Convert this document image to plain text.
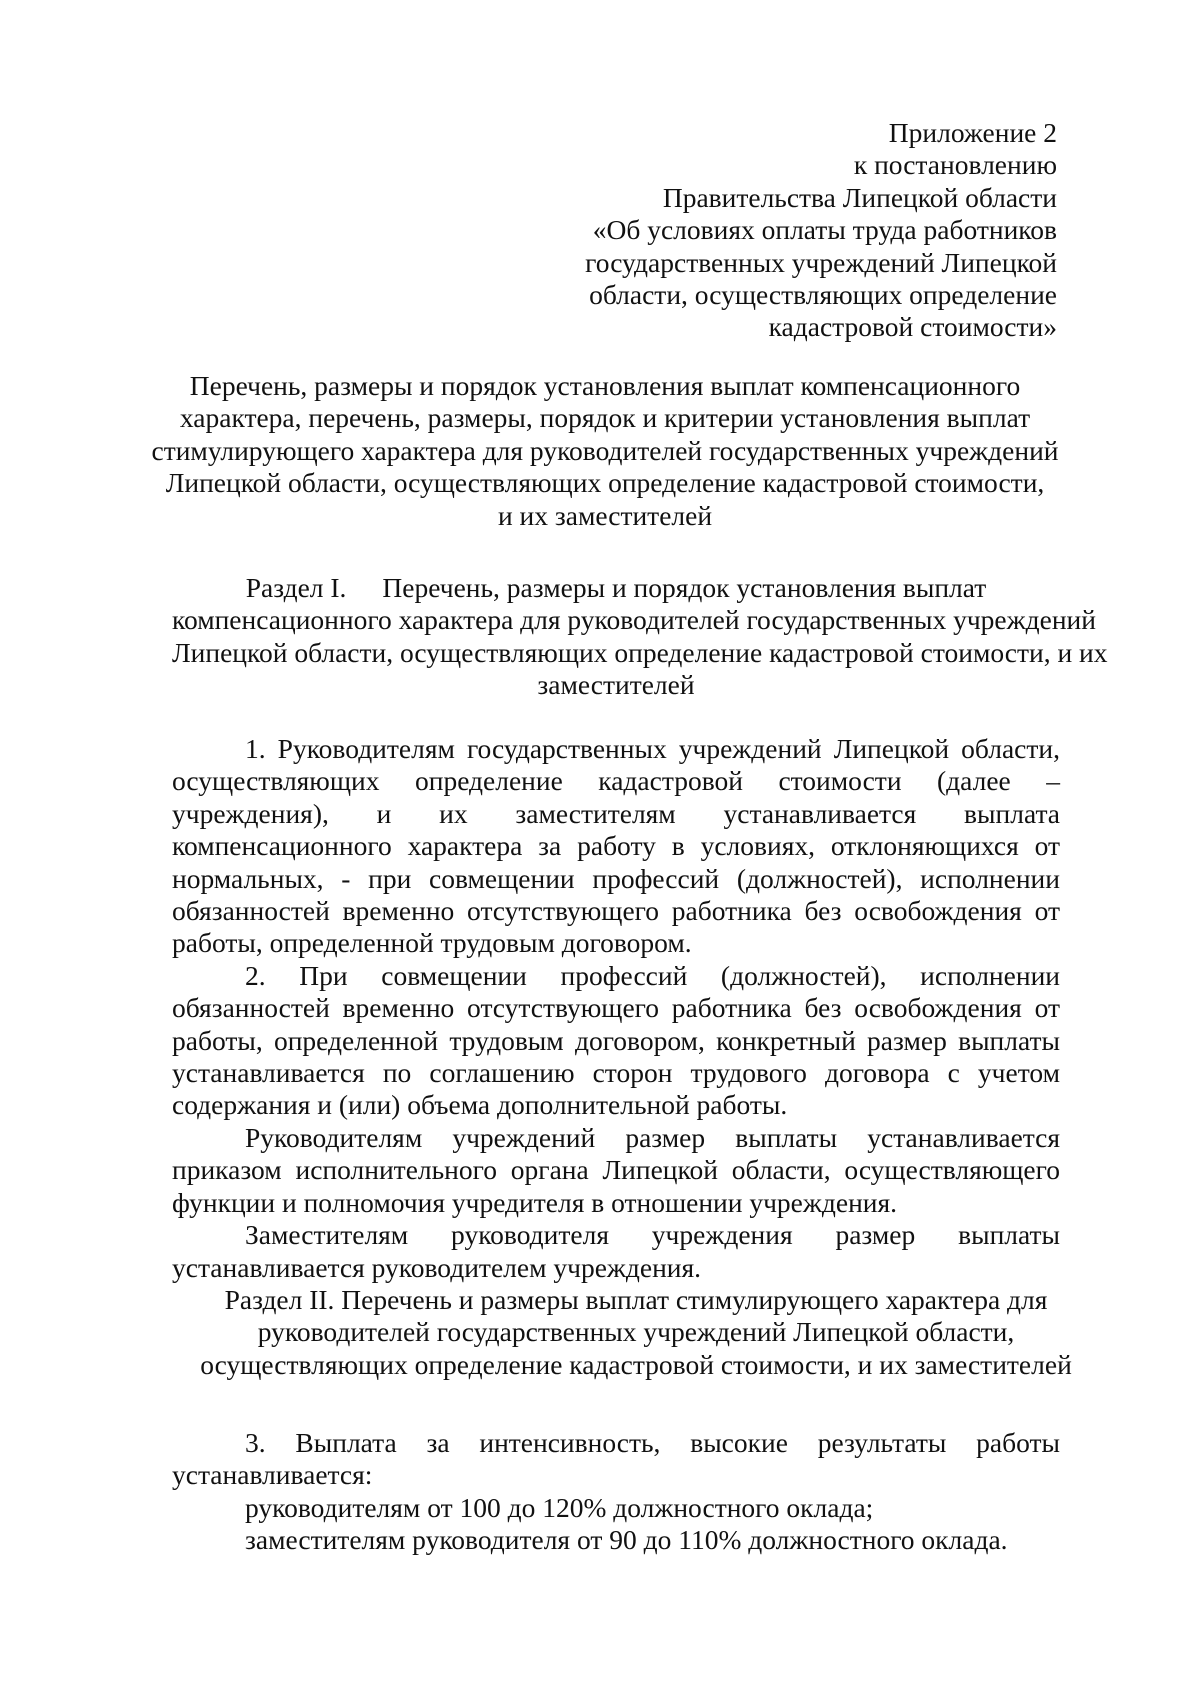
Приложение 2
к постановлению
Правительства Липецкой области
«Об условиях оплаты труда работников
государственных учреждений Липецкой
области, осуществляющих определение
кадастровой стоимости»
Перечень, размеры и порядок установления выплат компенсационного
характера, перечень, размеры, порядок и критерии установления выплат
стимулирующего характера для руководителей государственных учреждений
Липецкой области, осуществляющих определение кадастровой стоимости,
и их заместителей
Раздел I. Перечень, размеры и порядок установления выплат
компенсационного характера для руководителей государственных учреждений
Липецкой области, осуществляющих определение кадастровой стоимости, и их
заместителей

1. Руководителям государственных учреждений Липецкой области, осуществляющих определение кадастровой стоимости (далее – учреждения), и их заместителям устанавливается выплата компенсационного характера за работу в условиях, отклоняющихся от нормальных, - при совмещении профессий (должностей), исполнении обязанностей временно отсутствующего работника без освобождения от работы, определенной трудовым договором.

2. При совмещении профессий (должностей), исполнении обязанностей временно отсутствующего работника без освобождения от работы, определенной трудовым договором, конкретный размер выплаты устанавливается по соглашению сторон трудового договора с учетом содержания и (или) объема дополнительной работы.

Руководителям учреждений размер выплаты устанавливается приказом исполнительного органа Липецкой области, осуществляющего функции и полномочия учредителя в отношении учреждения.

Заместителям руководителя учреждения размер выплаты устанавливается руководителем учреждения.

Раздел II. Перечень и размеры выплат стимулирующего характера для
руководителей государственных учреждений Липецкой области,
осуществляющих определение кадастровой стоимости, и их заместителей

3. Выплата за интенсивность, высокие результаты работы устанавливается:

руководителям от 100 до 120% должностного оклада;

заместителям руководителя от 90 до 110% должностного оклада.
